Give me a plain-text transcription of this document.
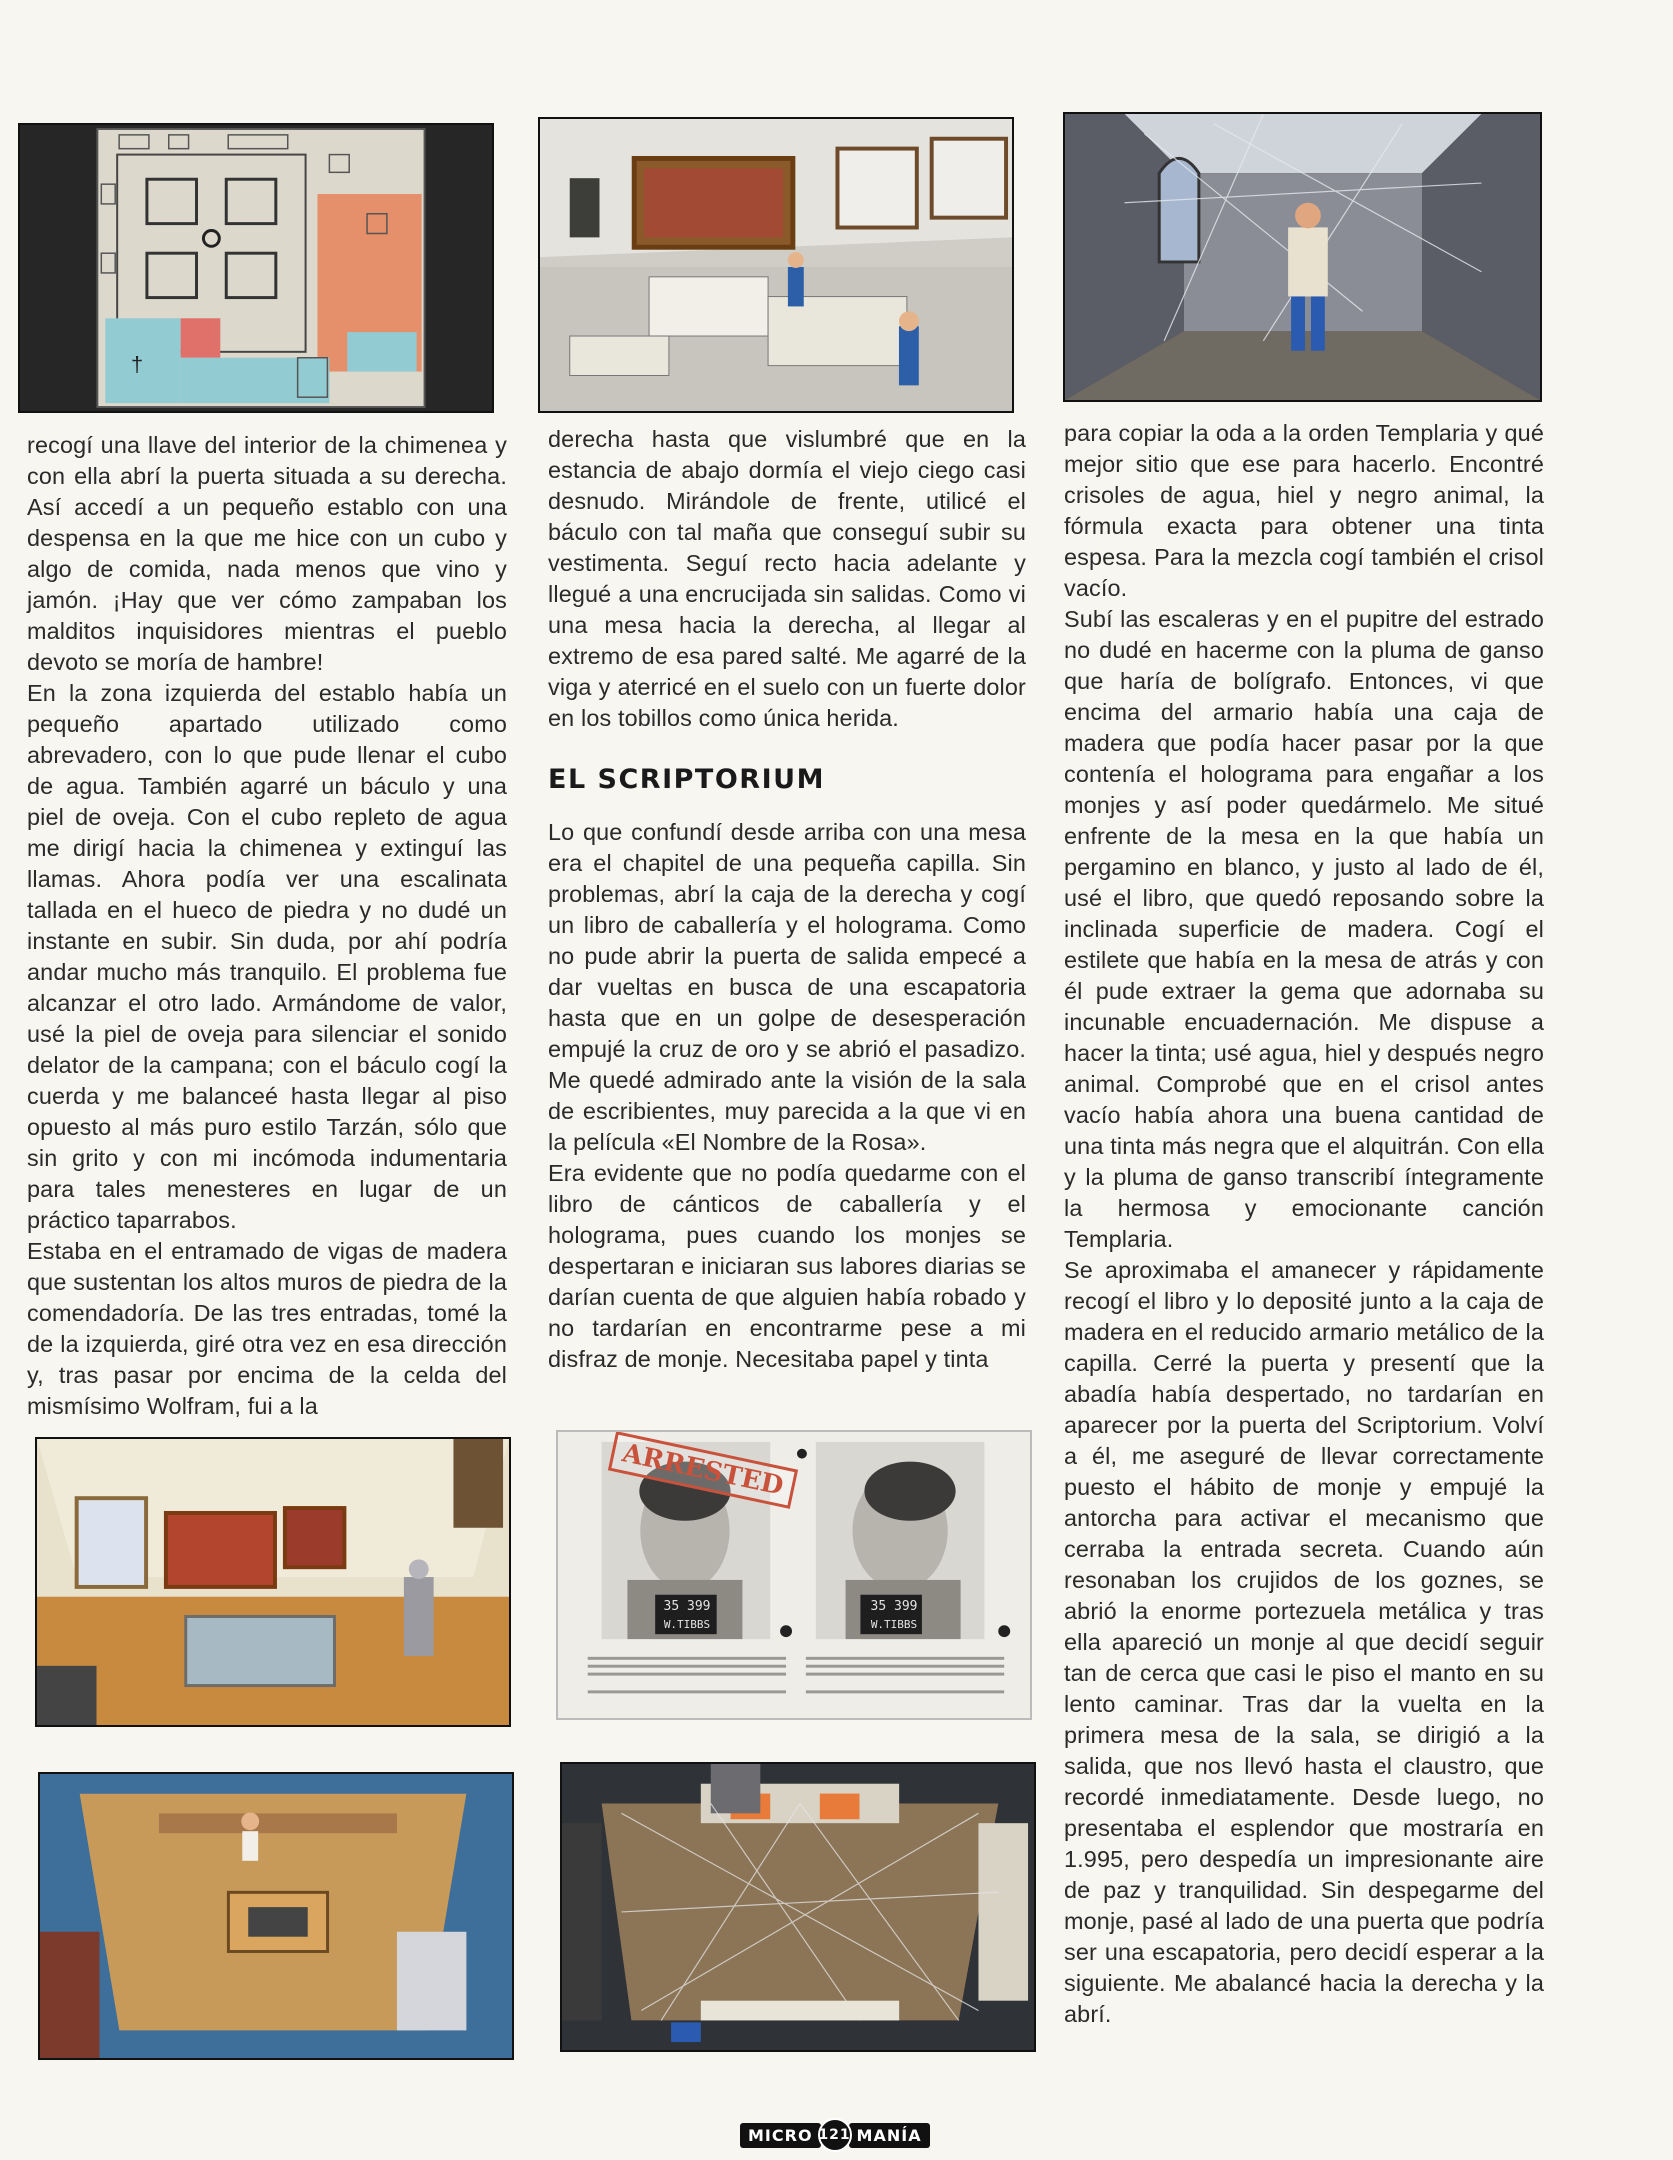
†

recogí una llave del interior de la chimenea y con ella abrí la puerta situada a su derecha. Así accedí a un pequeño establo con una despensa en la que me hice con un cubo y algo de comida, nada menos que vino y jamón. ¡Hay que ver cómo zampaban los malditos inquisidores mientras el pueblo devoto se moría de hambre!

En la zona izquierda del establo había un pequeño apartado utilizado como abrevadero, con lo que pude llenar el cubo de agua. También agarré un báculo y una piel de oveja. Con el cubo repleto de agua me dirigí hacia la chimenea y extinguí las llamas. Ahora podía ver una escalinata tallada en el hueco de piedra y no dudé un instante en subir. Sin duda, por ahí podría andar mucho más tranquilo. El problema fue alcanzar el otro lado. Armándome de valor, usé la piel de oveja para silenciar el sonido delator de la campana; con el báculo cogí la cuerda y me balanceé hasta llegar al piso opuesto al más puro estilo Tarzán, sólo que sin grito y con mi incómoda indumentaria para tales menesteres en lugar de un práctico taparrabos.

Estaba en el entramado de vigas de madera que sustentan los altos muros de piedra de la comendadoría. De las tres entradas, tomé la de la izquierda, giré otra vez en esa dirección y, tras pasar por encima de la celda del mismísimo Wolfram, fui a la

derecha hasta que vislumbré que en la estancia de abajo dormía el viejo ciego casi desnudo. Mirándole de frente, utilicé el báculo con tal maña que conseguí subir su vestimenta. Seguí recto hacia adelante y llegué a una encrucijada sin salidas. Como vi una mesa hacia la derecha, al llegar al extremo de esa pared salté. Me agarré de la viga y aterricé en el suelo con un fuerte dolor en los tobillos como única herida.

EL SCRIPTORIUM

Lo que confundí desde arriba con una mesa era el chapitel de una pequeña capilla. Sin problemas, abrí la caja de la derecha y cogí un libro de caballería y el holograma. Como no pude abrir la puerta de salida empecé a dar vueltas en busca de una escapatoria hasta que en un golpe de desesperación empujé la cruz de oro y se abrió el pasadizo. Me quedé admirado ante la visión de la sala de escribientes, muy parecida a la que vi en la película «El Nombre de la Rosa».

Era evidente que no podía quedarme con el libro de cánticos de caballería y el holograma, pues cuando los monjes se despertaran e iniciaran sus labores diarias se darían cuenta de que alguien había robado y no tardarían en encontrarme pese a mi disfraz de monje. Necesitaba papel y tinta

para copiar la oda a la orden Templaria y qué mejor sitio que ese para hacerlo. Encontré crisoles de agua, hiel y negro animal, la fórmula exacta para obtener una tinta espesa. Para la mezcla cogí también el crisol vacío.

Subí las escaleras y en el pupitre del estrado no dudé en hacerme con la pluma de ganso que haría de bolígrafo. Entonces, vi que encima del armario había una caja de madera que podía hacer pasar por la que contenía el holograma para engañar a los monjes y así poder quedármelo. Me situé enfrente de la mesa en la que había un pergamino en blanco, y justo al lado de él, usé el libro, que quedó reposando sobre la inclinada superficie de madera. Cogí el estilete que había en la mesa de atrás y con él pude extraer la gema que adornaba su incunable encuadernación. Me dispuse a hacer la tinta; usé agua, hiel y después negro animal. Comprobé que en el crisol antes vacío había ahora una buena cantidad de una tinta más negra que el alquitrán. Con ella y la pluma de ganso transcribí íntegramente la hermosa y emocionante canción Templaria.

Se aproximaba el amanecer y rápidamente recogí el libro y lo deposité junto a la caja de madera en el reducido armario metálico de la capilla. Cerré la puerta y presentí que la abadía había despertado, no tardarían en aparecer por la puerta del Scriptorium. Volví a él, me aseguré de llevar correctamente puesto el hábito de monje y empujé la antorcha para activar el mecanismo que cerraba la entrada secreta. Cuando aún resonaban los crujidos de los goznes, se abrió la enorme portezuela metálica y tras ella apareció un monje al que decidí seguir tan de cerca que casi le piso el manto en su lento caminar. Tras dar la vuelta en la primera mesa de la sala, se dirigió a la salida, que nos llevó hasta el claustro, que recordé inmediatamente. Desde luego, no presentaba el esplendor que mostraría en 1.995, pero despedía un impresionante aire de paz y tranquilidad. Sin despegarme del monje, pasé al lado de una puerta que podría ser una escapatoria, pero decidí esperar a la siguiente. Me abalancé hacia la derecha y la abrí.

ARRESTED
35 399
W.TIBBS
35 399
W.TIBBS
MICRO 121 MANÍA
